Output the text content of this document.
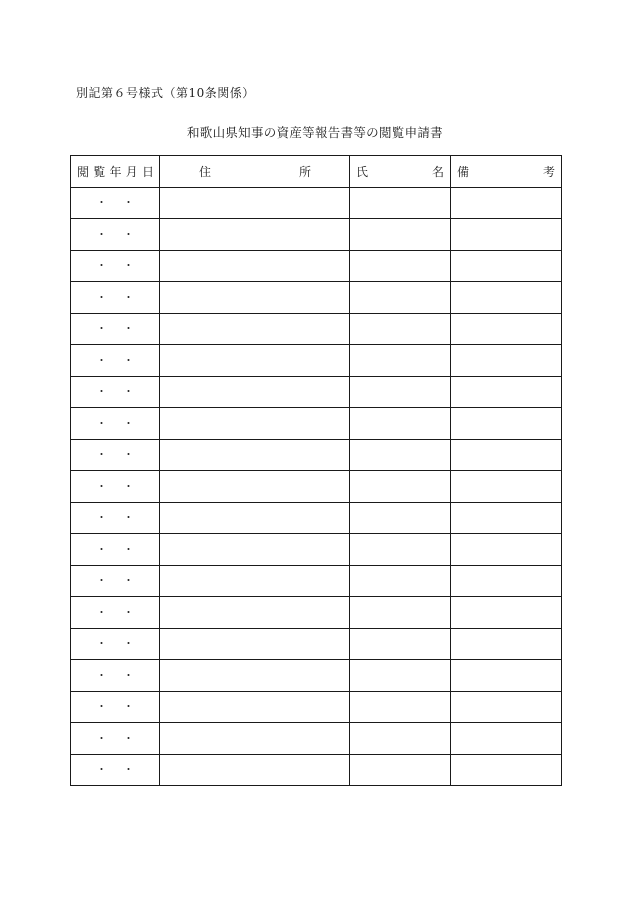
別記第６号様式（第10条関係）
和歌山県知事の資産等報告書等の閲覧申請書
閲 覧 年 月 日	住 所	氏 名	備 考

・ ・			

・ ・			

・ ・			

・ ・			

・ ・			

・ ・			

・ ・			

・ ・			

・ ・			

・ ・			

・ ・			

・ ・			

・ ・			

・ ・			

・ ・			

・ ・			

・ ・			

・ ・			

・ ・			
